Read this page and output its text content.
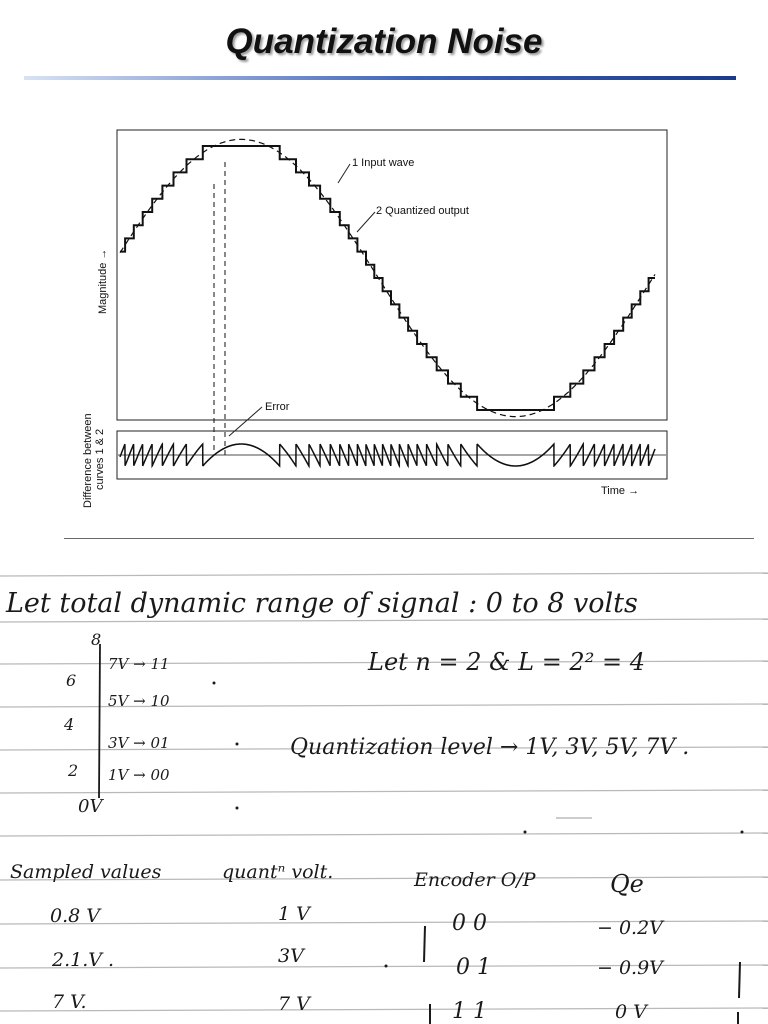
Quantization Noise
1 Input wave
2 Quantized output
Error
Magnitude →
Difference between curves 1 & 2
Time →
Let total dynamic range of signal : 0 to 8 volts
8
6
4
2
0V
7V → 11
5V → 10
3V → 01
1V → 00
Let n = 2 & L = 2² = 4
Quantization level → 1V, 3V, 5V, 7V .
Sampled values	quantⁿ volt.	Encoder O/P	Qe
0.8 V	1 V	0 0	− 0.2V
2.1.V .	3V	0 1	− 0.9V
7 V.	7 V	1 1	0 V
